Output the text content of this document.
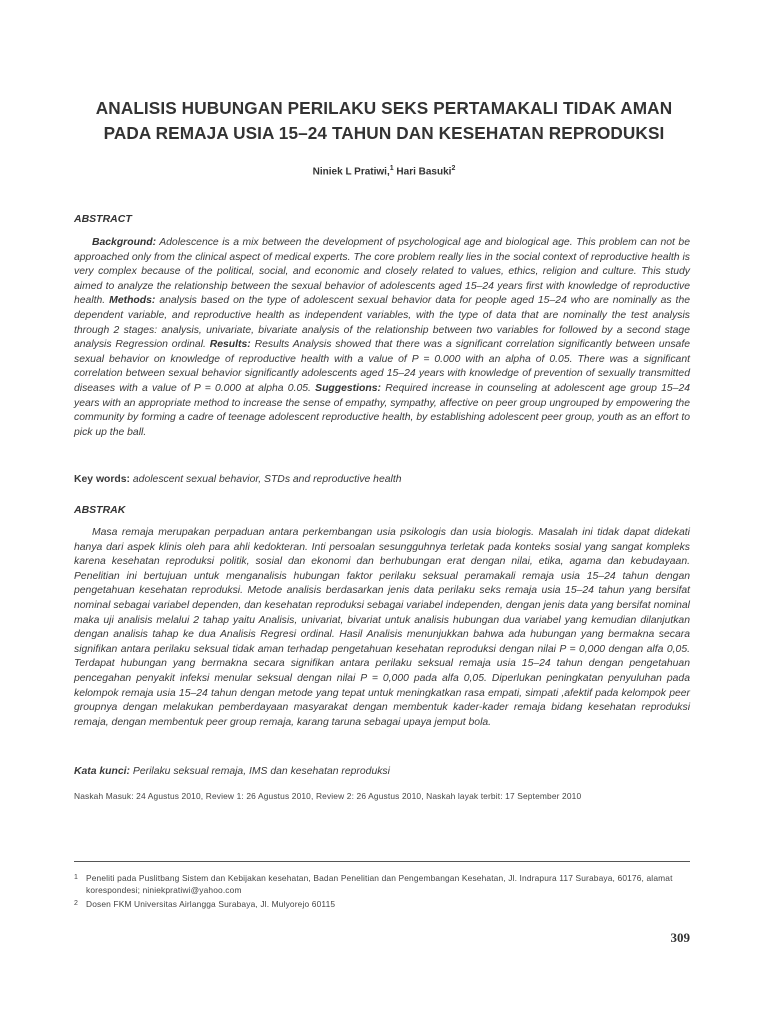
ANALISIS HUBUNGAN PERILAKU SEKS PERTAMAKALI TIDAK AMAN
PADA REMAJA USIA 15–24 TAHUN DAN KESEHATAN REPRODUKSI
Niniek L Pratiwi,$^1$ Hari Basuki$^2$
ABSTRACT

Background: Adolescence is a mix between the development of psychological age and biological age. This problem can not be approached only from the clinical aspect of medical experts. The core problem really lies in the social context of reproductive health is very complex because of the political, social, and economic and closely related to values, ethics, religion and culture. This study aimed to analyze the relationship between the sexual behavior of adolescents aged 15–24 years first with knowledge of reproductive health. Methods: analysis based on the type of adolescent sexual behavior data for people aged 15–24 who are nominally as the dependent variable, and reproductive health as independent variables, with the type of data that are nominally the test analysis through 2 stages: analysis, univariate, bivariate analysis of the relationship between two variables for followed by a second stage analysis Regression ordinal. Results: Results Analysis showed that there was a significant correlation significantly between unsafe sexual behavior on knowledge of reproductive health with a value of P = 0.000 with an alpha of 0.05. There was a significant correlation between sexual behavior significantly adolescents aged 15–24 years with knowledge of prevention of sexually transmitted diseases with a value of P = 0.000 at alpha 0.05. Suggestions: Required increase in counseling at adolescent age group 15–24 years with an appropriate method to increase the sense of empathy, sympathy, affective on peer group ungrouped by empowering the community by forming a cadre of teenage adolescent reproductive health, by establishing adolescent peer group, youth as an effort to pick up the ball.

Key words: adolescent sexual behavior, STDs and reproductive health

ABSTRAK

Masa remaja merupakan perpaduan antara perkembangan usia psikologis dan usia biologis. Masalah ini tidak dapat didekati hanya dari aspek klinis oleh para ahli kedokteran. Inti persoalan sesungguhnya terletak pada konteks sosial yang sangat kompleks karena kesehatan reproduksi politik, sosial dan ekonomi dan berhubungan erat dengan nilai, etika, agama dan kebudayaan. Penelitian ini bertujuan untuk menganalisis hubungan faktor perilaku seksual peramakali remaja usia 15–24 tahun dengan pengetahuan kesehatan reproduksi. Metode analisis berdasarkan jenis data perilaku seks remaja usia 15–24 tahun yang bersifat nominal sebagai variabel dependen, dan kesehatan reproduksi sebagai variabel independen, dengan jenis data yang bersifat nominal maka uji analisis melalui 2 tahap yaitu Analisis, univariat, bivariat untuk analisis hubungan dua variabel yang kemudian dilanjutkan dengan analisis tahap ke dua Analisis Regresi ordinal. Hasil Analisis menunjukkan bahwa ada hubungan yang bermakna secara signifikan antara perilaku seksual tidak aman terhadap pengetahuan kesehatan reproduksi dengan nilai P = 0,000 dengan alfa 0,05. Terdapat hubungan yang bermakna secara signifikan antara perilaku seksual remaja usia 15–24 tahun dengan pengetahuan pencegahan penyakit infeksi menular seksual dengan nilai P = 0,000 pada alfa 0,05. Diperlukan peningkatan penyuluhan pada kelompok remaja usia 15–24 tahun dengan metode yang tepat untuk meningkatkan rasa empati, simpati ,afektif pada kelompok peer grouрnya dengan melakukan pemberdayaan masyarakat dengan membentuk kader-kader remaja bidang kesehatan reproduksi remaja, dengan membentuk peer group remaja, karang taruna sebagai upaya jemput bola.

Kata kunci: Perilaku seksual remaja, IMS dan kesehatan reproduksi

Naskah Masuk: 24 Agustus 2010, Review 1: 26 Agustus 2010, Review 2: 26 Agustus 2010, Naskah layak terbit: 17 September 2010

1 Peneliti pada Puslitbang Sistem dan Kebijakan kesehatan, Badan Penelitian dan Pengembangan Kesehatan, Jl. Indrapura 117 Surabaya, 60176, alamat korespondesi; niniekpratiwi@yahoo.com

2 Dosen FKM Universitas Airlangga Surabaya, Jl. Mulyorejo 60115

309
